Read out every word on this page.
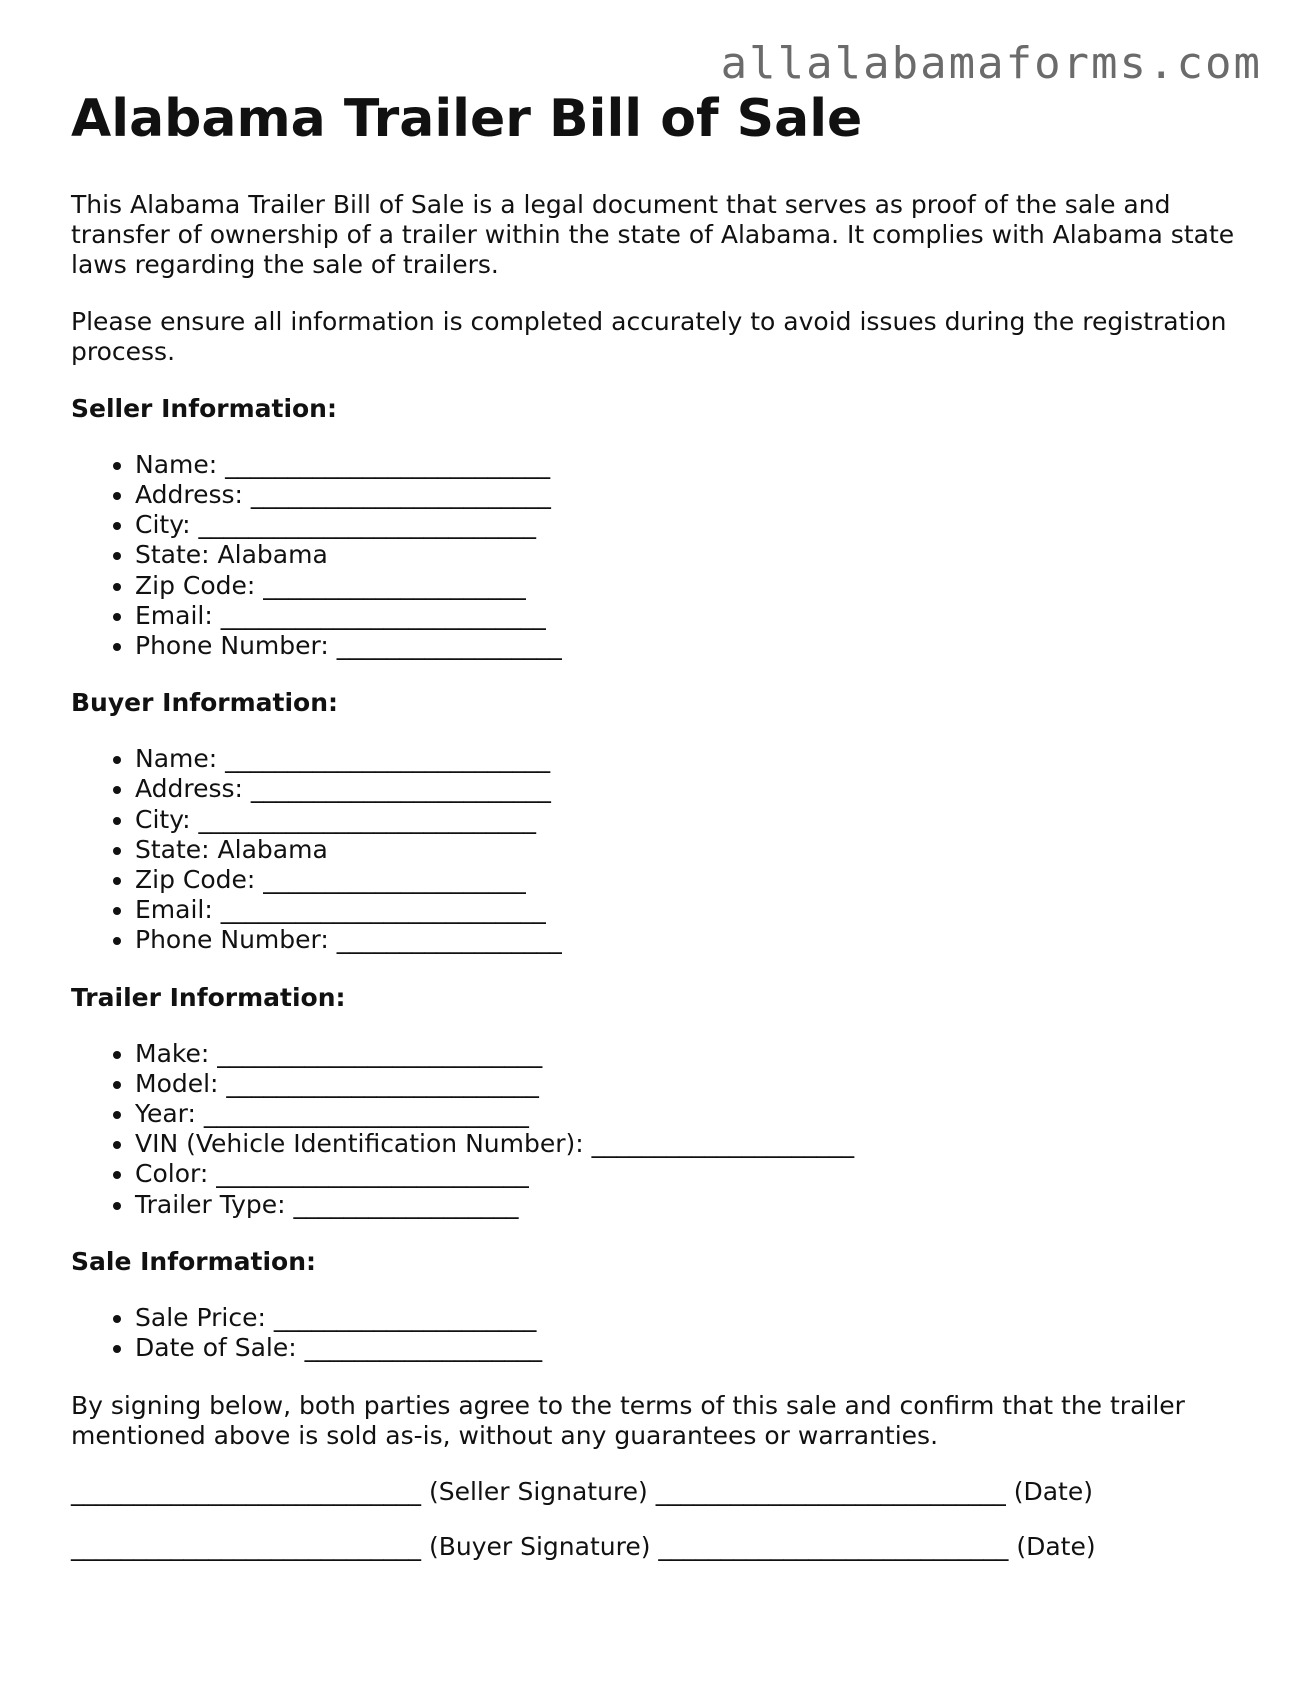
allalabamaforms.com
Alabama Trailer Bill of Sale

This Alabama Trailer Bill of Sale is a legal document that serves as proof of the sale and transfer of ownership of a trailer within the state of Alabama. It complies with Alabama state laws regarding the sale of trailers.

Please ensure all information is completed accurately to avoid issues during the registration process.

Seller Information:
• Name: __________________________
• Address: ________________________
• City: ___________________________
• State: Alabama
• Zip Code: _____________________
• Email: __________________________
• Phone Number: __________________
Buyer Information:
• Name: __________________________
• Address: ________________________
• City: ___________________________
• State: Alabama
• Zip Code: _____________________
• Email: __________________________
• Phone Number: __________________
Trailer Information:
• Make: __________________________
• Model: _________________________
• Year: __________________________
• VIN (Vehicle Identification Number): _____________________
• Color: _________________________
• Trailer Type: __________________
Sale Information:
• Sale Price: _____________________
• Date of Sale: ___________________

By signing below, both parties agree to the terms of this sale and confirm that the trailer mentioned above is sold as-is, without any guarantees or warranties.

____________________________ (Seller Signature) ____________________________ (Date)
____________________________ (Buyer Signature) ____________________________ (Date)
